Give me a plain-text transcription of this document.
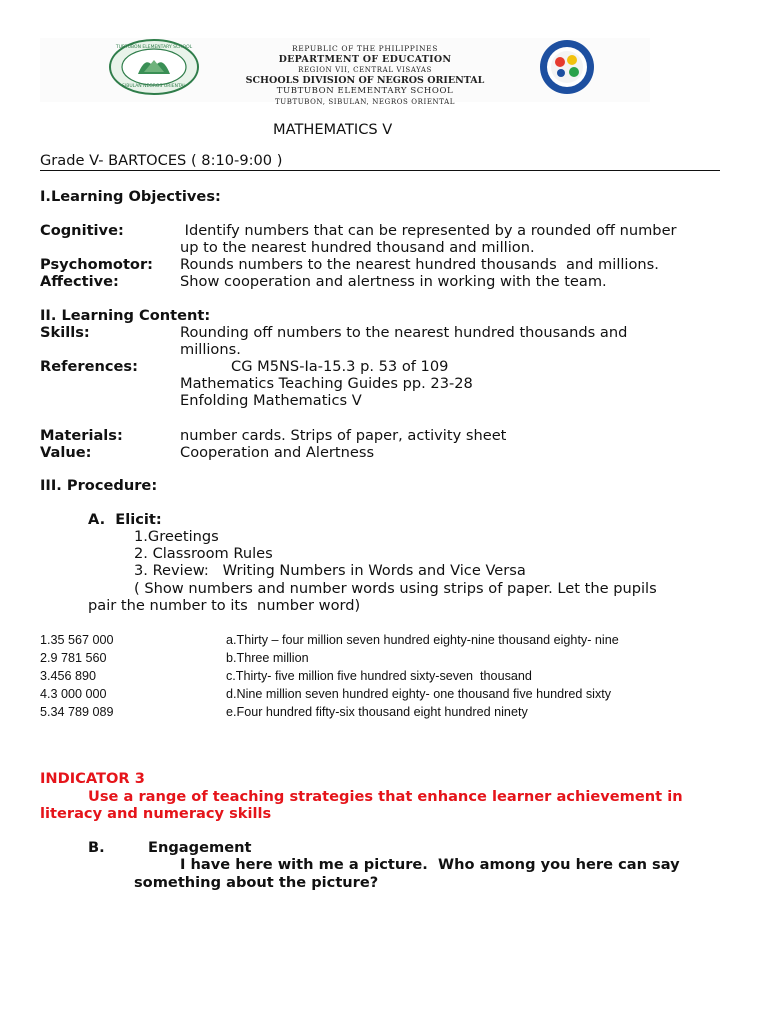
SIBULAN NEGROS ORIENTAL
TUBTUBON ELEMENTARY SCHOOL	REPUBLIC OF THE PHILIPPINES
DEPARTMENT OF EDUCATION
REGION VII, CENTRAL VISAYAS
SCHOOLS DIVISION OF NEGROS ORIENTAL
TUBTUBON ELEMENTARY SCHOOL
TUBTUBON, SIBULAN, NEGROS ORIENTAL
MATHEMATICS V
Grade V- BARTOCES ( 8:10-9:00 )
I.Learning Objectives:
Cognitive:	Identify numbers that can be represented by a rounded off number
up to the nearest hundred thousand and million.
Psychomotor: Rounds numbers to the nearest hundred thousands  and millions.
Affective:	Show cooperation and alertness in working with the team.
II. Learning Content:
Skills:	Rounding off numbers to the nearest hundred thousands and
millions.
References:	CG M5NS-Ia-15.3 p. 53 of 109
Mathematics Teaching Guides pp. 23-28
Enfolding Mathematics V
Materials:	number cards. Strips of paper, activity sheet
Value:	Cooperation and Alertness
III. Procedure:
A.  Elicit:
1.Greetings
2. Classroom Rules
3. Review:   Writing Numbers in Words and Vice Versa
( Show numbers and number words using strips of paper. Let the pupils
pair the number to its  number word)
1.35 567 000	a.Thirty – four million seven hundred eighty-nine thousand eighty- nine
2.9 781 560	b.Three million
3.456 890	c.Thirty- five million five hundred sixty-seven  thousand
4.3 000 000	d.Nine million seven hundred eighty- one thousand five hundred sixty
5.34 789 089	e.Four hundred fifty-six thousand eight hundred ninety
INDICATOR 3
Use a range of teaching strategies that enhance learner achievement in
literacy and numeracy skills
B.	Engagement
I have here with me a picture.  Who among you here can say
something about the picture?
